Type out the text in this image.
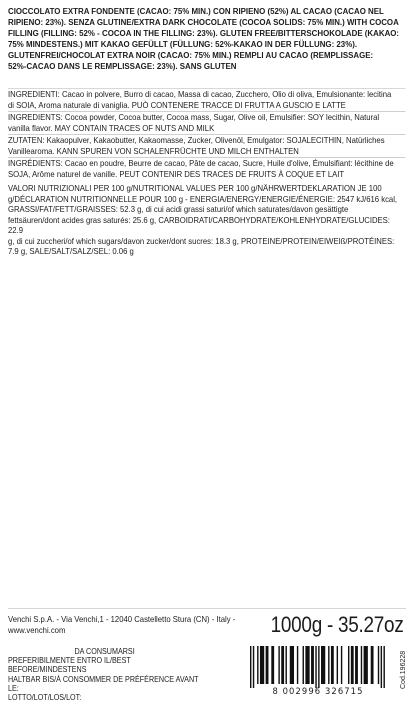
CIOCCOLATO EXTRA FONDENTE (CACAO: 75% MIN.) CON RIPIENO (52%) AL CACAO (CACAO NEL
RIPIENO: 23%). SENZA GLUTINE/EXTRA DARK CHOCOLATE (COCOA SOLIDS: 75% MIN.) WITH COCOA
FILLING (FILLING: 52% - COCOA IN THE FILLING: 23%). GLUTEN FREE/BITTERSCHOKOLADE (KAKAO:
75% MINDESTENS.) MIT KAKAO GEFÜLLT (FÜLLUNG: 52%-KAKAO IN DER FÜLLUNG: 23%).
GLUTENFREI/CHOCOLAT EXTRA NOIR (CACAO: 75% MIN.) REMPLI AU CACAO (REMPLISSAGE:
52%-CACAO DANS LE REMPLISSAGE: 23%). SANS GLUTEN
INGREDIENTI: Cacao in polvere, Burro di cacao, Massa di cacao, Zucchero, Olio di oliva, Emulsionante: lecitina
di SOIA, Aroma naturale di vaniglia. PUÒ CONTENERE TRACCE DI FRUTTA A GUSCIO E LATTE
INGREDIENTS: Cocoa powder, Cocoa butter, Cocoa mass, Sugar, Olive oil, Emulsifier: SOY lecithin, Natural
vanilla flavor. MAY CONTAIN TRACES OF NUTS AND MILK
ZUTATEN: Kakaopulver, Kakaobutter, Kakaomasse, Zucker, Olivenöl, Emulgator: SOJALECITHIN, Natürliches
Vanillearoma. KANN SPUREN VON SCHALENFRÜCHTE UND MILCH ENTHALTEN
INGRÉDIENTS: Cacao en poudre, Beurre de cacao, Pâte de cacao, Sucre, Huile d'olive, Émulsifiant: lécithine de
SOJA, Arôme naturel de vanille. PEUT CONTENIR DES TRACES DE FRUITS À COQUE ET LAIT
VALORI NUTRIZIONALI PER 100 g/NUTRITIONAL VALUES PER 100 g/NÄHRWERTDEKLARATION JE 100
g/DÉCLARATION NUTRITIONNELLE POUR 100 g - ENERGIA/ENERGY/ENERGIE/ÉNERGIE: 2547 kJ/616 kcal,
GRASSI/FAT/FETT/GRAISSES: 52.3 g, di cui acidi grassi saturi/of which saturates/davon gesättigte
fettsäuren/dont acides gras saturés: 25.6 g, CARBOIDRATI/CARBOHYDRATE/KOHLENHYDRATE/GLUCIDES: 22.9
g, di cui zuccheri/of which sugars/davon zucker/dont sucres: 18.3 g, PROTEINE/PROTEIN/EIWEIß/PROTÉINES:
7.9 g, SALE/SALT/SALZ/SEL: 0.06 g
Venchi S.p.A. - Via Venchi,1 - 12040 Castelletto Stura (CN) - Italy -
www.venchi.com	1000g - 35.27oz
DA CONSUMARSI
PREFERIBILMENTE ENTRO IL/BEST BEFORE/MINDESTENS
HALTBAR BIS/À CONSOMMER DE PRÉFÉRENCE AVANT LE:
LOTTO/LOT/LOS/LOT:
8 002996 326715
Cod.196228
